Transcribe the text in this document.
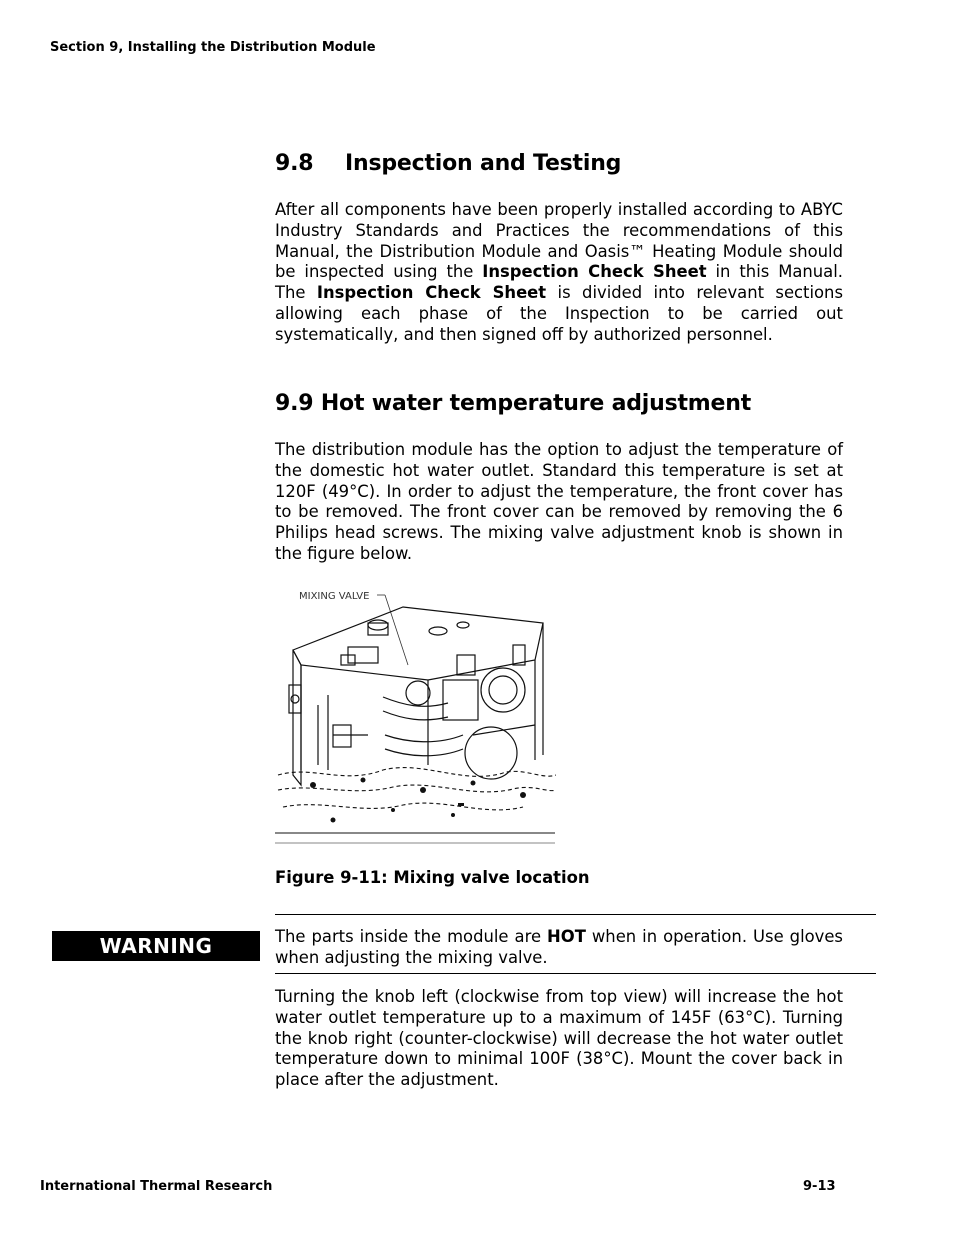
Section 9, Installing the Distribution Module
9.8 Inspection and Testing
After all components have been properly installed according to ABYC Industry Standards and Practices the recommendations of this Manual, the Distribution Module and Oasis™ Heating Module should be inspected using the Inspection Check Sheet in this Manual. The Inspection Check Sheet is divided into relevant sections allowing each phase of the Inspection to be carried out systematically, and then signed off by authorized personnel.
9.9 Hot water temperature adjustment
The distribution module has the option to adjust the temperature of the domestic hot water outlet. Standard this temperature is set at 120F (49°C). In order to adjust the temperature, the front cover has to be removed. The front cover can be removed by removing the 6 Philips head screws. The mixing valve adjustment knob is shown in the figure below.
MIXING VALVE
Figure 9-11: Mixing valve location
WARNING	The parts inside the module are HOT when in operation. Use gloves when adjusting the mixing valve.
Turning the knob left (clockwise from top view) will increase the hot water outlet temperature up to a maximum of 145F (63°C). Turning the knob right (counter-clockwise) will decrease the hot water outlet temperature down to minimal 100F (38°C). Mount the cover back in place after the adjustment.
International Thermal Research	9-13
